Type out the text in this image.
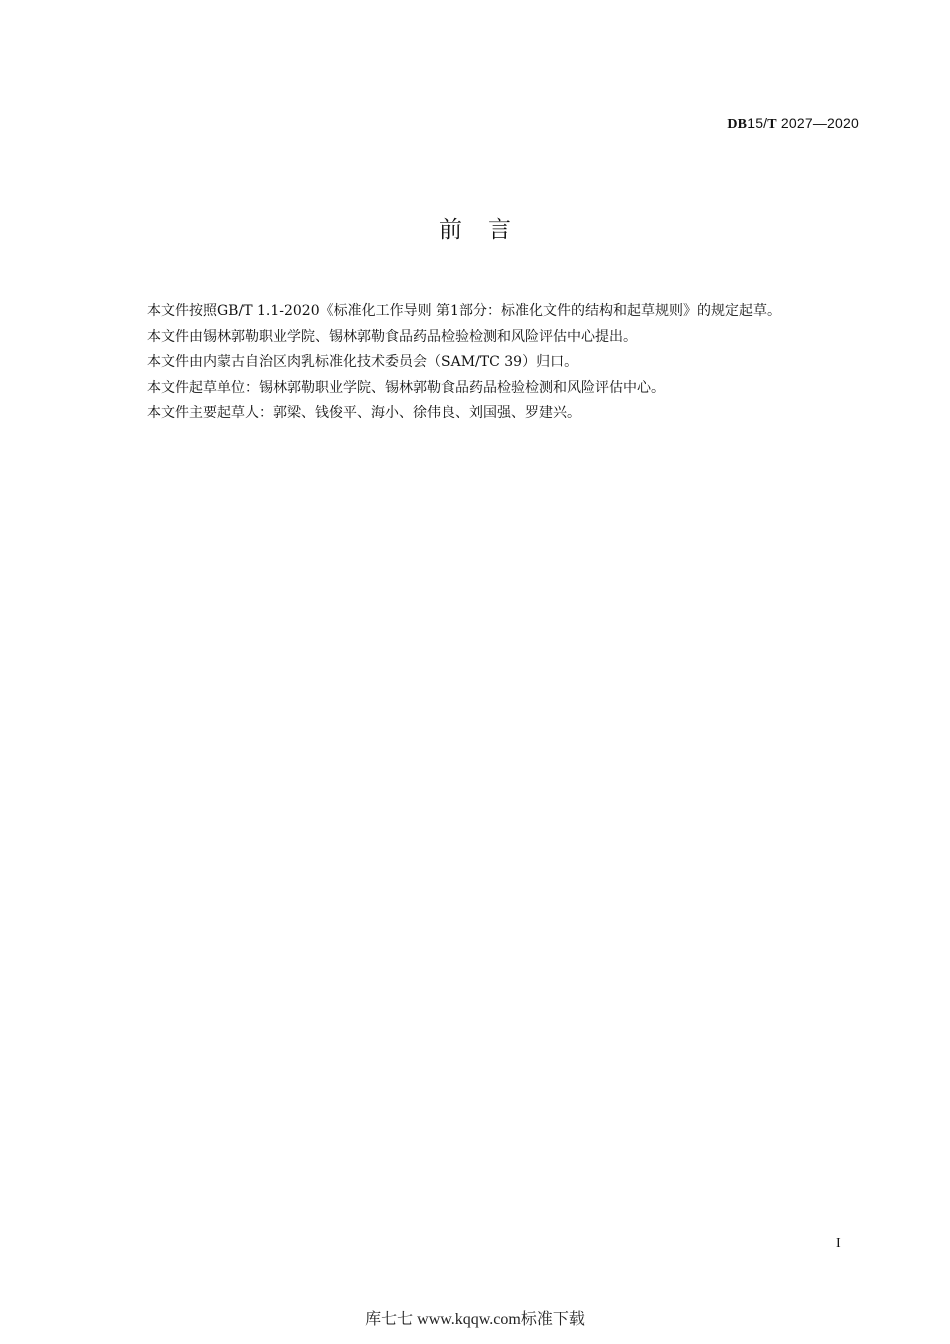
DB15/T 2027—2020
前言

本文件按照GB/T 1.1-2020《标准化工作导则 第1部分：标准化文件的结构和起草规则》的规定起草。

本文件由锡林郭勒职业学院、锡林郭勒食品药品检验检测和风险评估中心提出。

本文件由内蒙古自治区肉乳标准化技术委员会（SAM/TC 39）归口。

本文件起草单位：锡林郭勒职业学院、锡林郭勒食品药品检验检测和风险评估中心。

本文件主要起草人：郭梁、钱俊平、海小、徐伟良、刘国强、罗建兴。

I
库七七 www.kqqw.com标准下载
